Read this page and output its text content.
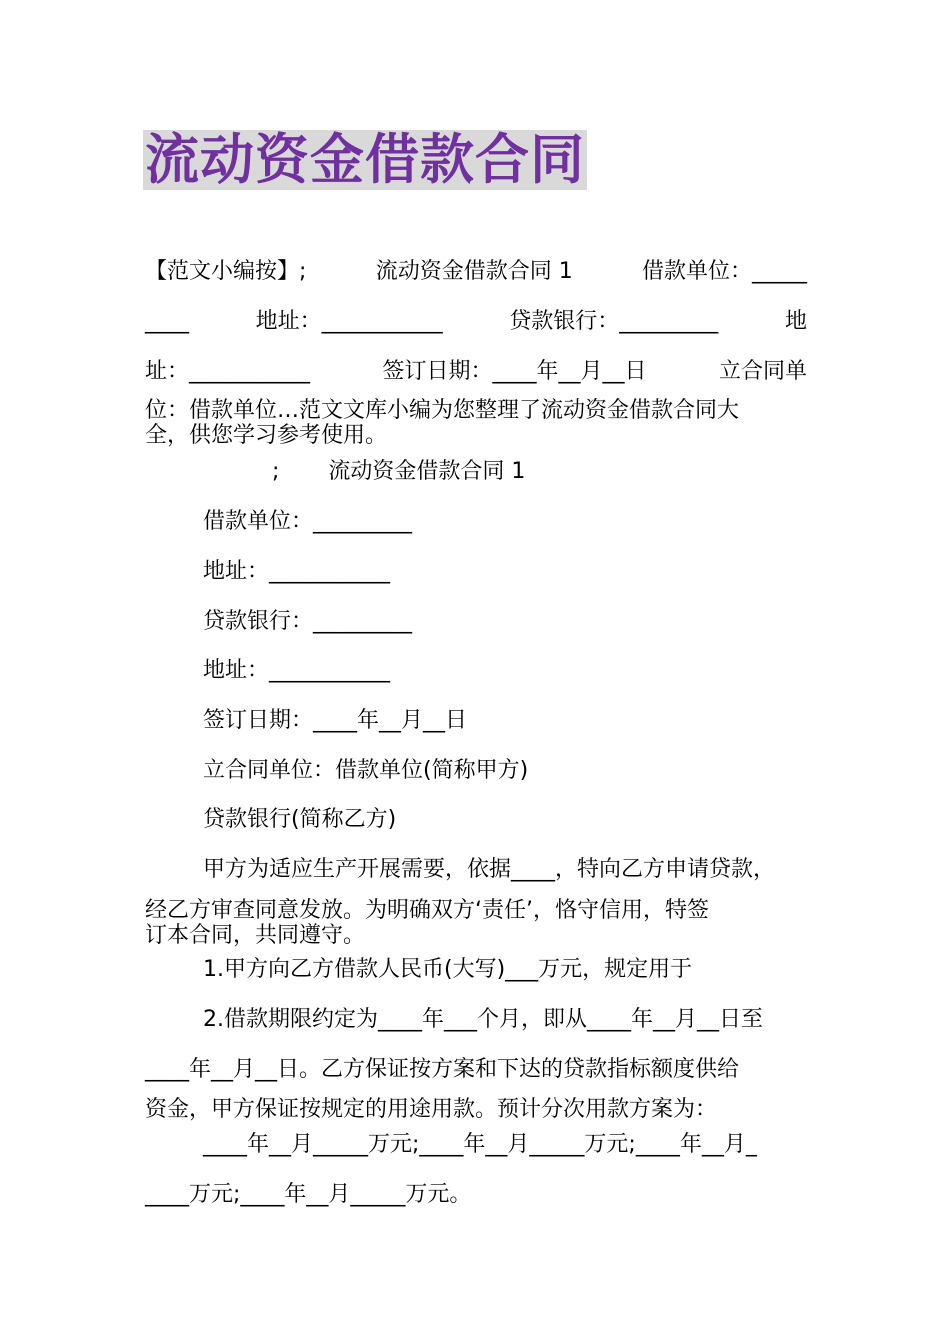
流动资金借款合同
【范文小编按】;	流动资金借款合同 1	借款单位：_____
____	地址：___________	贷款银行：_________	地
址：___________	签订日期：____年__月__日	立合同单
位：借款单位…范文文库小编为您整理了流动资金借款合同大
全，供您学习参考使用。
;       流动资金借款合同 1
借款单位：_________
地址：___________
贷款银行：_________
地址：___________
签订日期：____年__月__日
立合同单位：借款单位(简称甲方)
贷款银行(简称乙方)
甲方为适应生产开展需要，依据____，特向乙方申请贷款，
经乙方审查同意发放。为明确双方‘责任’，恪守信用，特签
订本合同，共同遵守。
1.甲方向乙方借款人民币(大写)___万元，规定用于
2.借款期限约定为____年___个月，即从____年__月__日至
____年__月__日。乙方保证按方案和下达的贷款指标额度供给
资金，甲方保证按规定的用途用款。预计分次用款方案为：
____年__月_____万元;____年__月_____万元;____年__月_
____万元;____年__月_____万元。
